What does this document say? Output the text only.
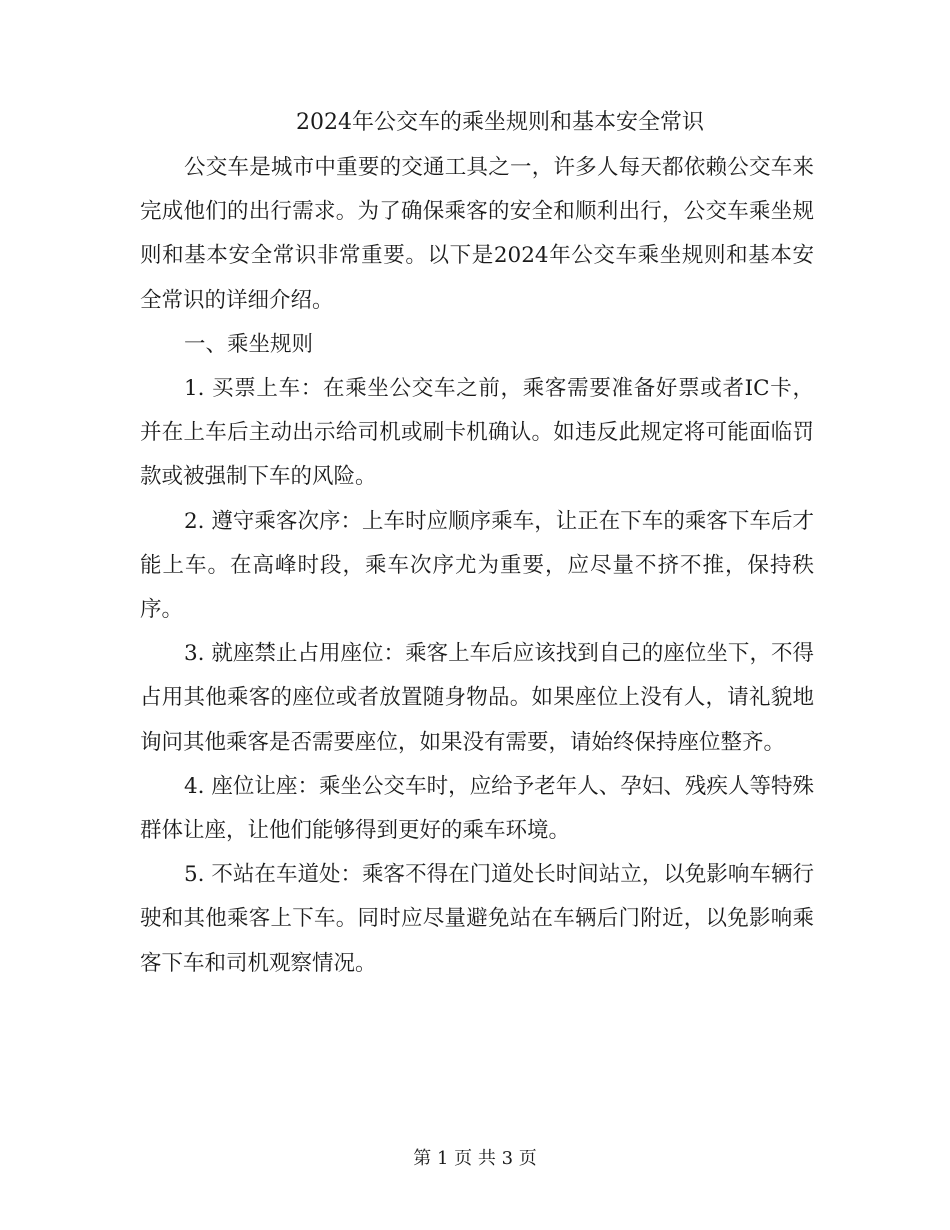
2024年公交车的乘坐规则和基本安全常识

公交车是城市中重要的交通工具之一，许多人每天都依赖公交车来完成他们的出行需求。为了确保乘客的安全和顺利出行，公交车乘坐规则和基本安全常识非常重要。以下是2024年公交车乘坐规则和基本安全常识的详细介绍。

一、乘坐规则

1. 买票上车：在乘坐公交车之前，乘客需要准备好票或者IC卡，并在上车后主动出示给司机或刷卡机确认。如违反此规定将可能面临罚款或被强制下车的风险。

2. 遵守乘客次序：上车时应顺序乘车，让正在下车的乘客下车后才能上车。在高峰时段，乘车次序尤为重要，应尽量不挤不推，保持秩序。

3. 就座禁止占用座位：乘客上车后应该找到自己的座位坐下，不得占用其他乘客的座位或者放置随身物品。如果座位上没有人，请礼貌地询问其他乘客是否需要座位，如果没有需要，请始终保持座位整齐。

4. 座位让座：乘坐公交车时，应给予老年人、孕妇、残疾人等特殊群体让座，让他们能够得到更好的乘车环境。

5. 不站在车道处：乘客不得在门道处长时间站立，以免影响车辆行驶和其他乘客上下车。同时应尽量避免站在车辆后门附近，以免影响乘客下车和司机观察情况。

第 1 页 共 3 页
